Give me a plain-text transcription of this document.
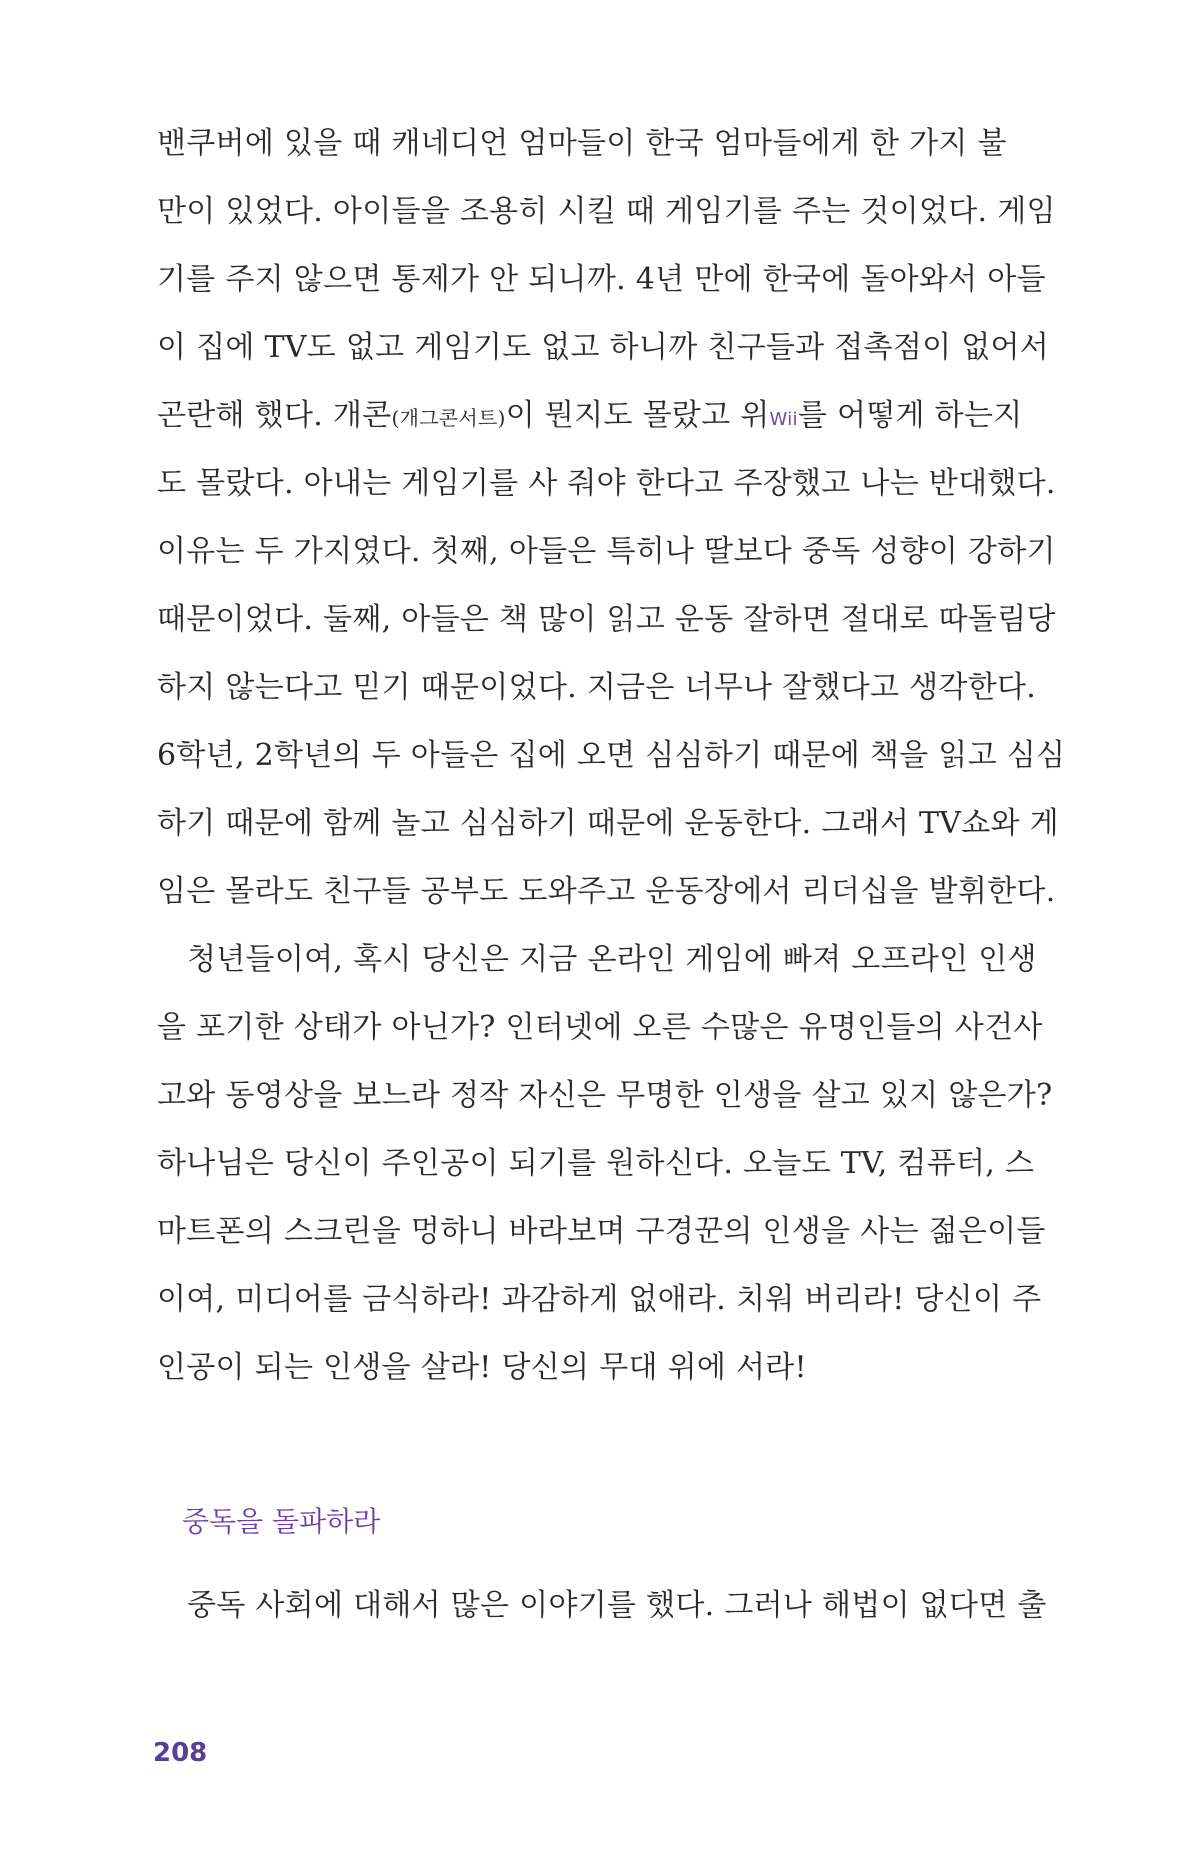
밴쿠버에 있을 때 캐네디언 엄마들이 한국 엄마들에게 한 가지 불
만이 있었다. 아이들을 조용히 시킬 때 게임기를 주는 것이었다. 게임
기를 주지 않으면 통제가 안 되니까. 4년 만에 한국에 돌아와서 아들
이 집에 TV도 없고 게임기도 없고 하니까 친구들과 접촉점이 없어서
곤란해 했다. 개콘(개그콘서트)이 뭔지도 몰랐고 위Wii를 어떻게 하는지
도 몰랐다. 아내는 게임기를 사 줘야 한다고 주장했고 나는 반대했다.
이유는 두 가지였다. 첫째, 아들은 특히나 딸보다 중독 성향이 강하기
때문이었다. 둘째, 아들은 책 많이 읽고 운동 잘하면 절대로 따돌림당
하지 않는다고 믿기 때문이었다. 지금은 너무나 잘했다고 생각한다.
6학년, 2학년의 두 아들은 집에 오면 심심하기 때문에 책을 읽고 심심
하기 때문에 함께 놀고 심심하기 때문에 운동한다. 그래서 TV쇼와 게
임은 몰라도 친구들 공부도 도와주고 운동장에서 리더십을 발휘한다.
청년들이여, 혹시 당신은 지금 온라인 게임에 빠져 오프라인 인생
을 포기한 상태가 아닌가? 인터넷에 오른 수많은 유명인들의 사건사
고와 동영상을 보느라 정작 자신은 무명한 인생을 살고 있지 않은가?
하나님은 당신이 주인공이 되기를 원하신다. 오늘도 TV, 컴퓨터, 스
마트폰의 스크린을 멍하니 바라보며 구경꾼의 인생을 사는 젊은이들
이여, 미디어를 금식하라! 과감하게 없애라. 치워 버리라! 당신이 주
인공이 되는 인생을 살라! 당신의 무대 위에 서라!
중독을 돌파하라
중독 사회에 대해서 많은 이야기를 했다. 그러나 해법이 없다면 출
208
